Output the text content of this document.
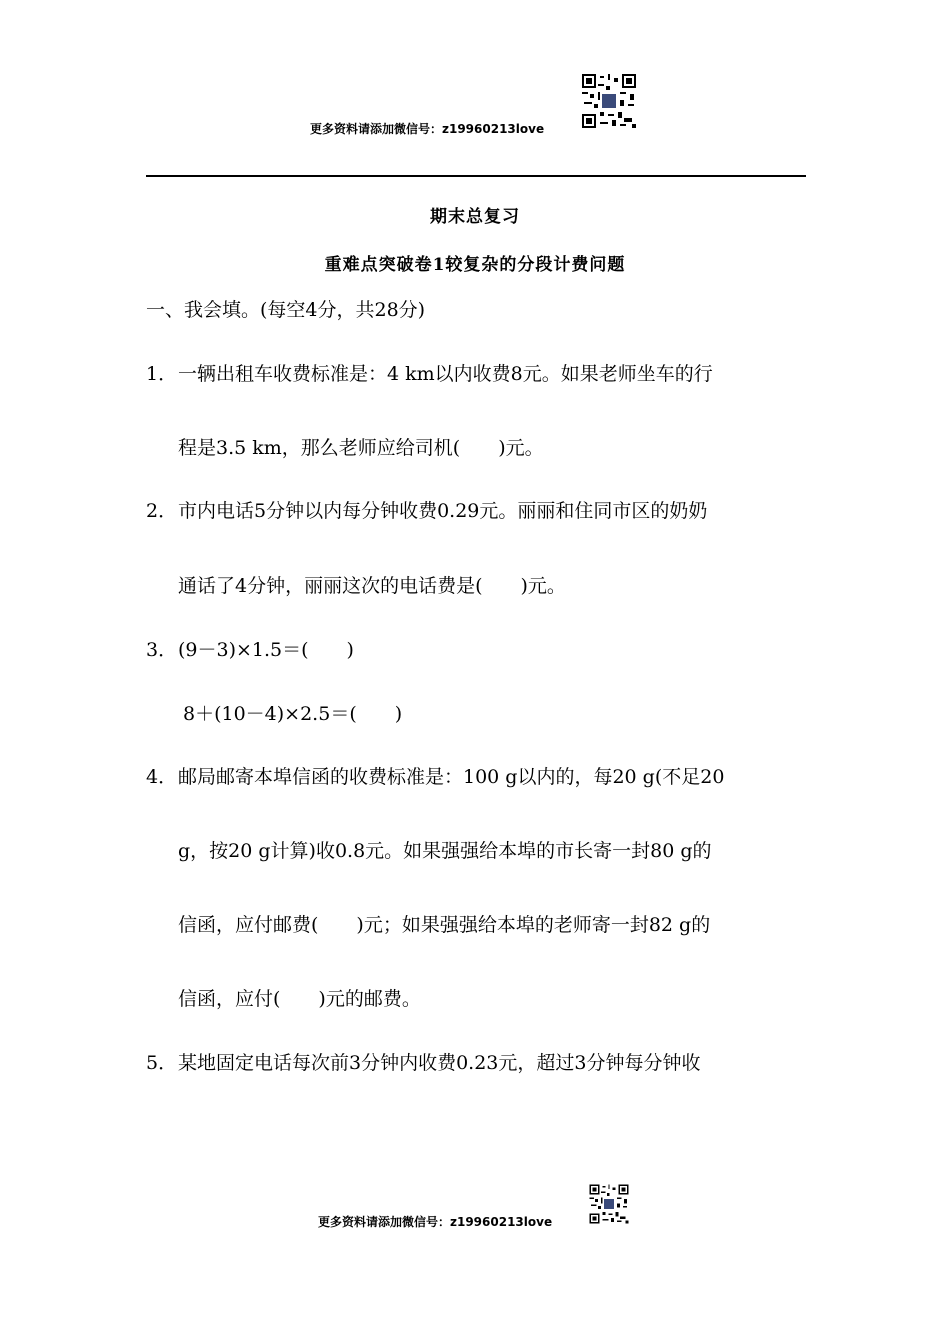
更多资料请添加微信号：z19960213love
期末总复习
重难点突破卷1较复杂的分段计费问题
一、我会填。(每空4分，共28分)
1．一辆出租车收费标准是：4 km以内收费8元。如果老师坐车的行
程是3.5 km，那么老师应给司机(　　)元。
2．市内电话5分钟以内每分钟收费0.29元。丽丽和住同市区的奶奶
通话了4分钟，丽丽这次的电话费是(　　)元。
3．(9－3)×1.5＝(　　)
8＋(10－4)×2.5＝(　　)
4．邮局邮寄本埠信函的收费标准是：100 g以内的，每20 g(不足20
g，按20 g计算)收0.8元。如果强强给本埠的市长寄一封80 g的
信函，应付邮费(　　)元；如果强强给本埠的老师寄一封82 g的
信函，应付(　　)元的邮费。
5．某地固定电话每次前3分钟内收费0.23元，超过3分钟每分钟收
更多资料请添加微信号：z19960213love
